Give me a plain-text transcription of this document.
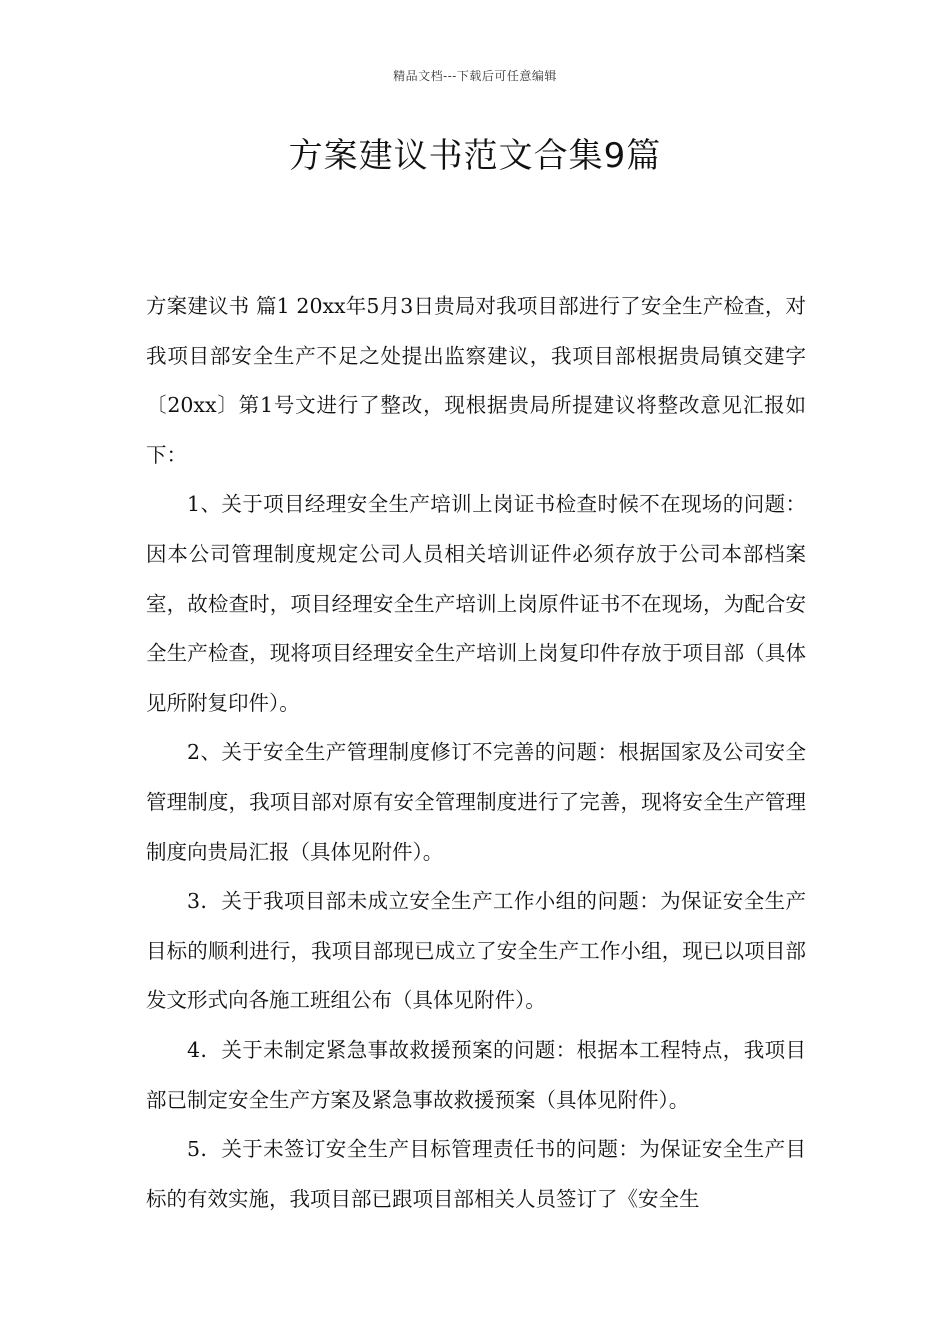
精品文档---下载后可任意编辑
方案建议书范文合集9篇

方案建议书 篇1 20xx年5月3日贵局对我项目部进行了安全生产检查，对我项目部安全生产不足之处提出监察建议，我项目部根据贵局镇交建字〔20xx〕第1号文进行了整改，现根据贵局所提建议将整改意见汇报如下：

1、关于项目经理安全生产培训上岗证书检查时候不在现场的问题：因本公司管理制度规定公司人员相关培训证件必须存放于公司本部档案室，故检查时，项目经理安全生产培训上岗原件证书不在现场，为配合安全生产检查，现将项目经理安全生产培训上岗复印件存放于项目部（具体见所附复印件）。

2、关于安全生产管理制度修订不完善的问题：根据国家及公司安全管理制度，我项目部对原有安全管理制度进行了完善，现将安全生产管理制度向贵局汇报（具体见附件）。

3．关于我项目部未成立安全生产工作小组的问题：为保证安全生产目标的顺利进行，我项目部现已成立了安全生产工作小组，现已以项目部发文形式向各施工班组公布（具体见附件）。

4．关于未制定紧急事故救援预案的问题：根据本工程特点，我项目部已制定安全生产方案及紧急事故救援预案（具体见附件）。

5．关于未签订安全生产目标管理责任书的问题：为保证安全生产目标的有效实施，我项目部已跟项目部相关人员签订了《安全生
